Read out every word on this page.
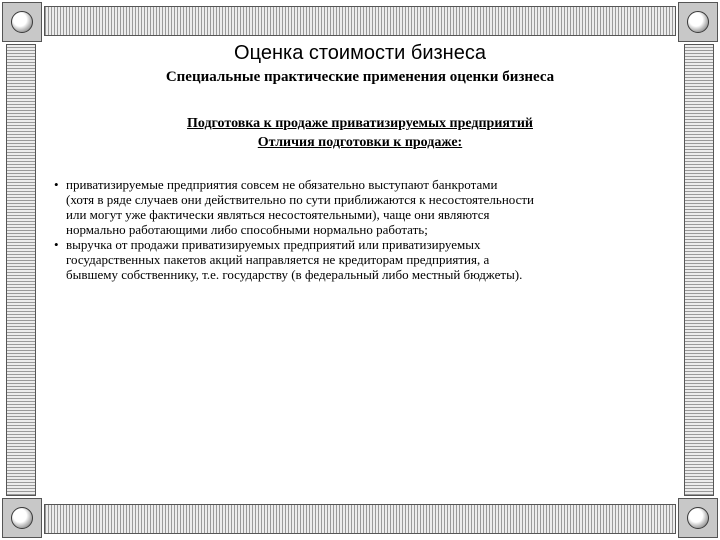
Оценка стоимости бизнеса
Специальные практические применения оценки бизнеса
Подготовка к продаже приватизируемых предприятий
Отличия подготовки к продаже:
• приватизируемые предприятия совсем не обязательно выступают банкротами
(хотя в ряде случаев они действительно по сути приближаются к несостоятельности
или могут уже фактически являться несостоятельными), чаще они являются
нормально работающими либо способными нормально работать;
• выручка от продажи приватизируемых предприятий или приватизируемых
государственных пакетов акций направляется не кредиторам предприятия, а
бывшему собственнику, т.е. государству (в федеральный либо местный бюджеты).
